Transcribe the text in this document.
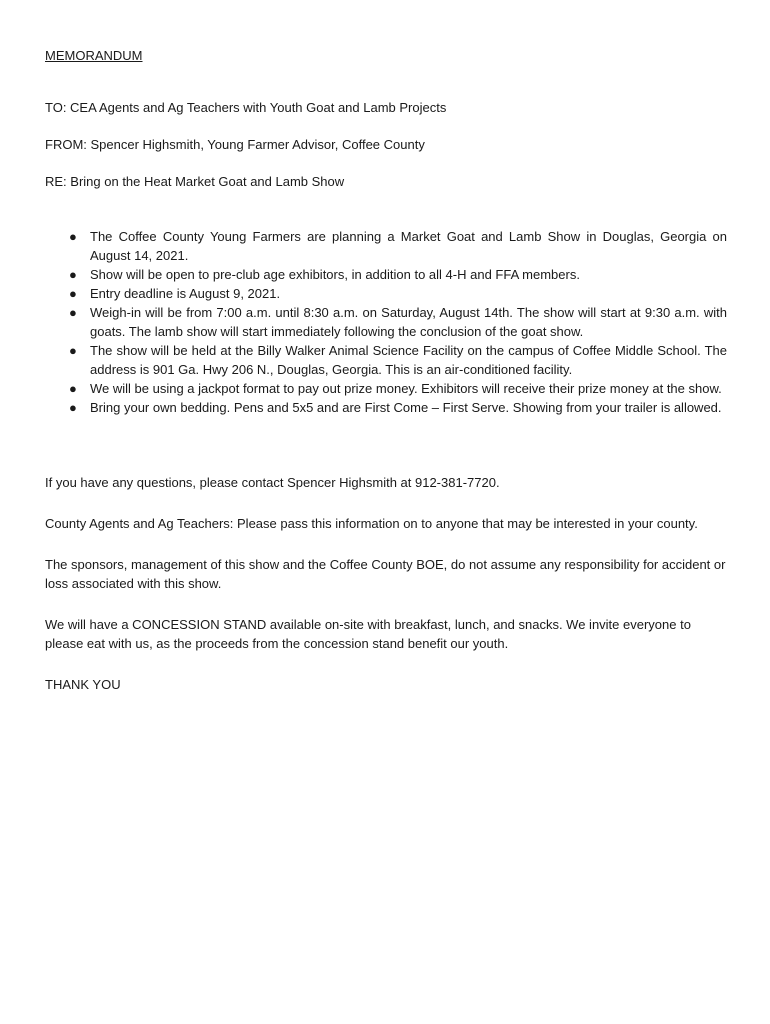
MEMORANDUM
TO: CEA Agents and Ag Teachers with Youth Goat and Lamb Projects
FROM: Spencer Highsmith, Young Farmer Advisor, Coffee County
RE: Bring on the Heat Market Goat and Lamb Show
● The Coffee County Young Farmers are planning a Market Goat and Lamb Show in Douglas, Georgia on August 14, 2021.
● Show will be open to pre-club age exhibitors, in addition to all 4-H and FFA members.
● Entry deadline is August 9, 2021.
● Weigh-in will be from 7:00 a.m. until 8:30 a.m. on Saturday, August 14th. The show will start at 9:30 a.m. with goats. The lamb show will start immediately following the conclusion of the goat show.
● The show will be held at the Billy Walker Animal Science Facility on the campus of Coffee Middle School. The address is 901 Ga. Hwy 206 N., Douglas, Georgia. This is an air-conditioned facility.
● We will be using a jackpot format to pay out prize money. Exhibitors will receive their prize money at the show.
● Bring your own bedding. Pens and 5x5 and are First Come – First Serve. Showing from your trailer is allowed.

If you have any questions, please contact Spencer Highsmith at 912-381-7720.

County Agents and Ag Teachers: Please pass this information on to anyone that may be interested in your county.

The sponsors, management of this show and the Coffee County BOE, do not assume any responsibility for accident or loss associated with this show.

We will have a CONCESSION STAND available on-site with breakfast, lunch, and snacks. We invite everyone to please eat with us, as the proceeds from the concession stand benefit our youth.

THANK YOU
